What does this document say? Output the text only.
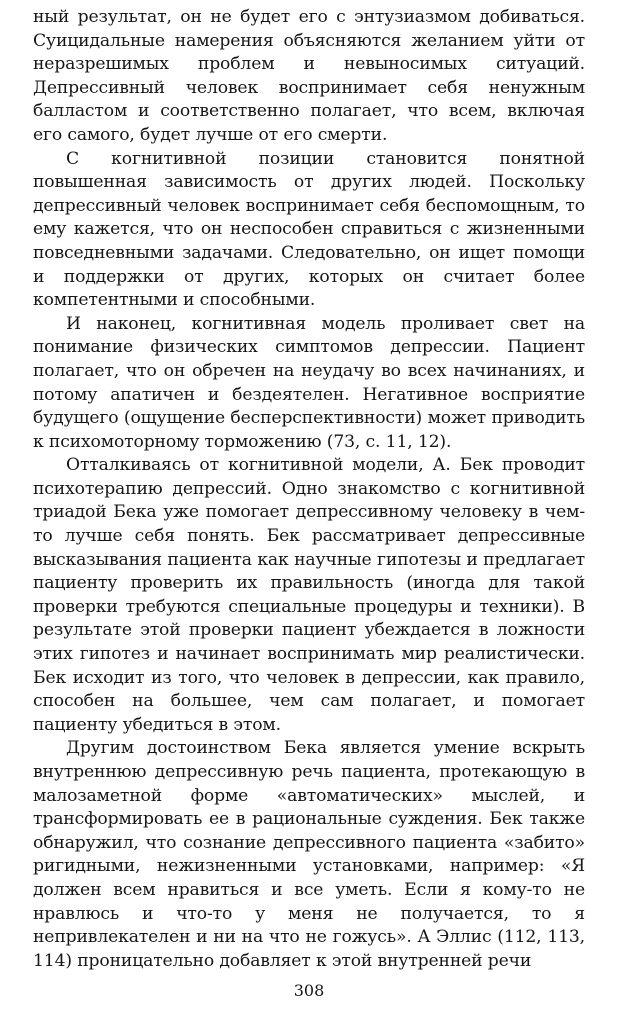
ный результат, он не будет его с энтузиазмом добиваться. Суицидальные намерения объясняются желанием уйти от неразрешимых проблем и невыносимых ситуаций. Депрессивный человек воспринимает себя ненужным балластом и соответственно полагает, что всем, включая его самого, будет лучше от его смерти.

С когнитивной позиции становится понятной повышенная зависимость от других людей. Поскольку депрессивный человек воспринимает себя беспомощным, то ему кажется, что он неспособен справиться с жизненными повседневными задачами. Следовательно, он ищет помощи и поддержки от других, которых он считает более компетентными и способными.

И наконец, когнитивная модель проливает свет на понимание физических симптомов депрессии. Пациент полагает, что он обречен на неудачу во всех начинаниях, и потому апатичен и бездеятелен. Негативное восприятие будущего (ощущение бесперспективности) может приводить к психомоторному торможению (73, с. 11, 12).

Отталкиваясь от когнитивной модели, А. Бек проводит психотерапию депрессий. Одно знакомство с когнитивной триадой Бека уже помогает депрессивному человеку в чем-то лучше себя понять. Бек рассматривает депрессивные высказывания пациента как научные гипотезы и предлагает пациенту проверить их правильность (иногда для такой проверки требуются специальные процедуры и техники). В результате этой проверки пациент убеждается в ложности этих гипотез и начинает воспринимать мир реалистически. Бек исходит из того, что человек в депрессии, как правило, способен на большее, чем сам полагает, и помогает пациенту убедиться в этом.

Другим достоинством Бека является умение вскрыть внутреннюю депрессивную речь пациента, протекающую в малозаметной форме «автоматических» мыслей, и трансформировать ее в рациональные суждения. Бек также обнаружил, что сознание депрессивного пациента «забито» ригидными, нежизненными установками, например: «Я должен всем нравиться и все уметь. Если я кому-то не нравлюсь и что-то у меня не получается, то я непривлекателен и ни на что не гожусь». А Эллис (112, 113, 114) проницательно добавляет к этой внутренней речи

308
